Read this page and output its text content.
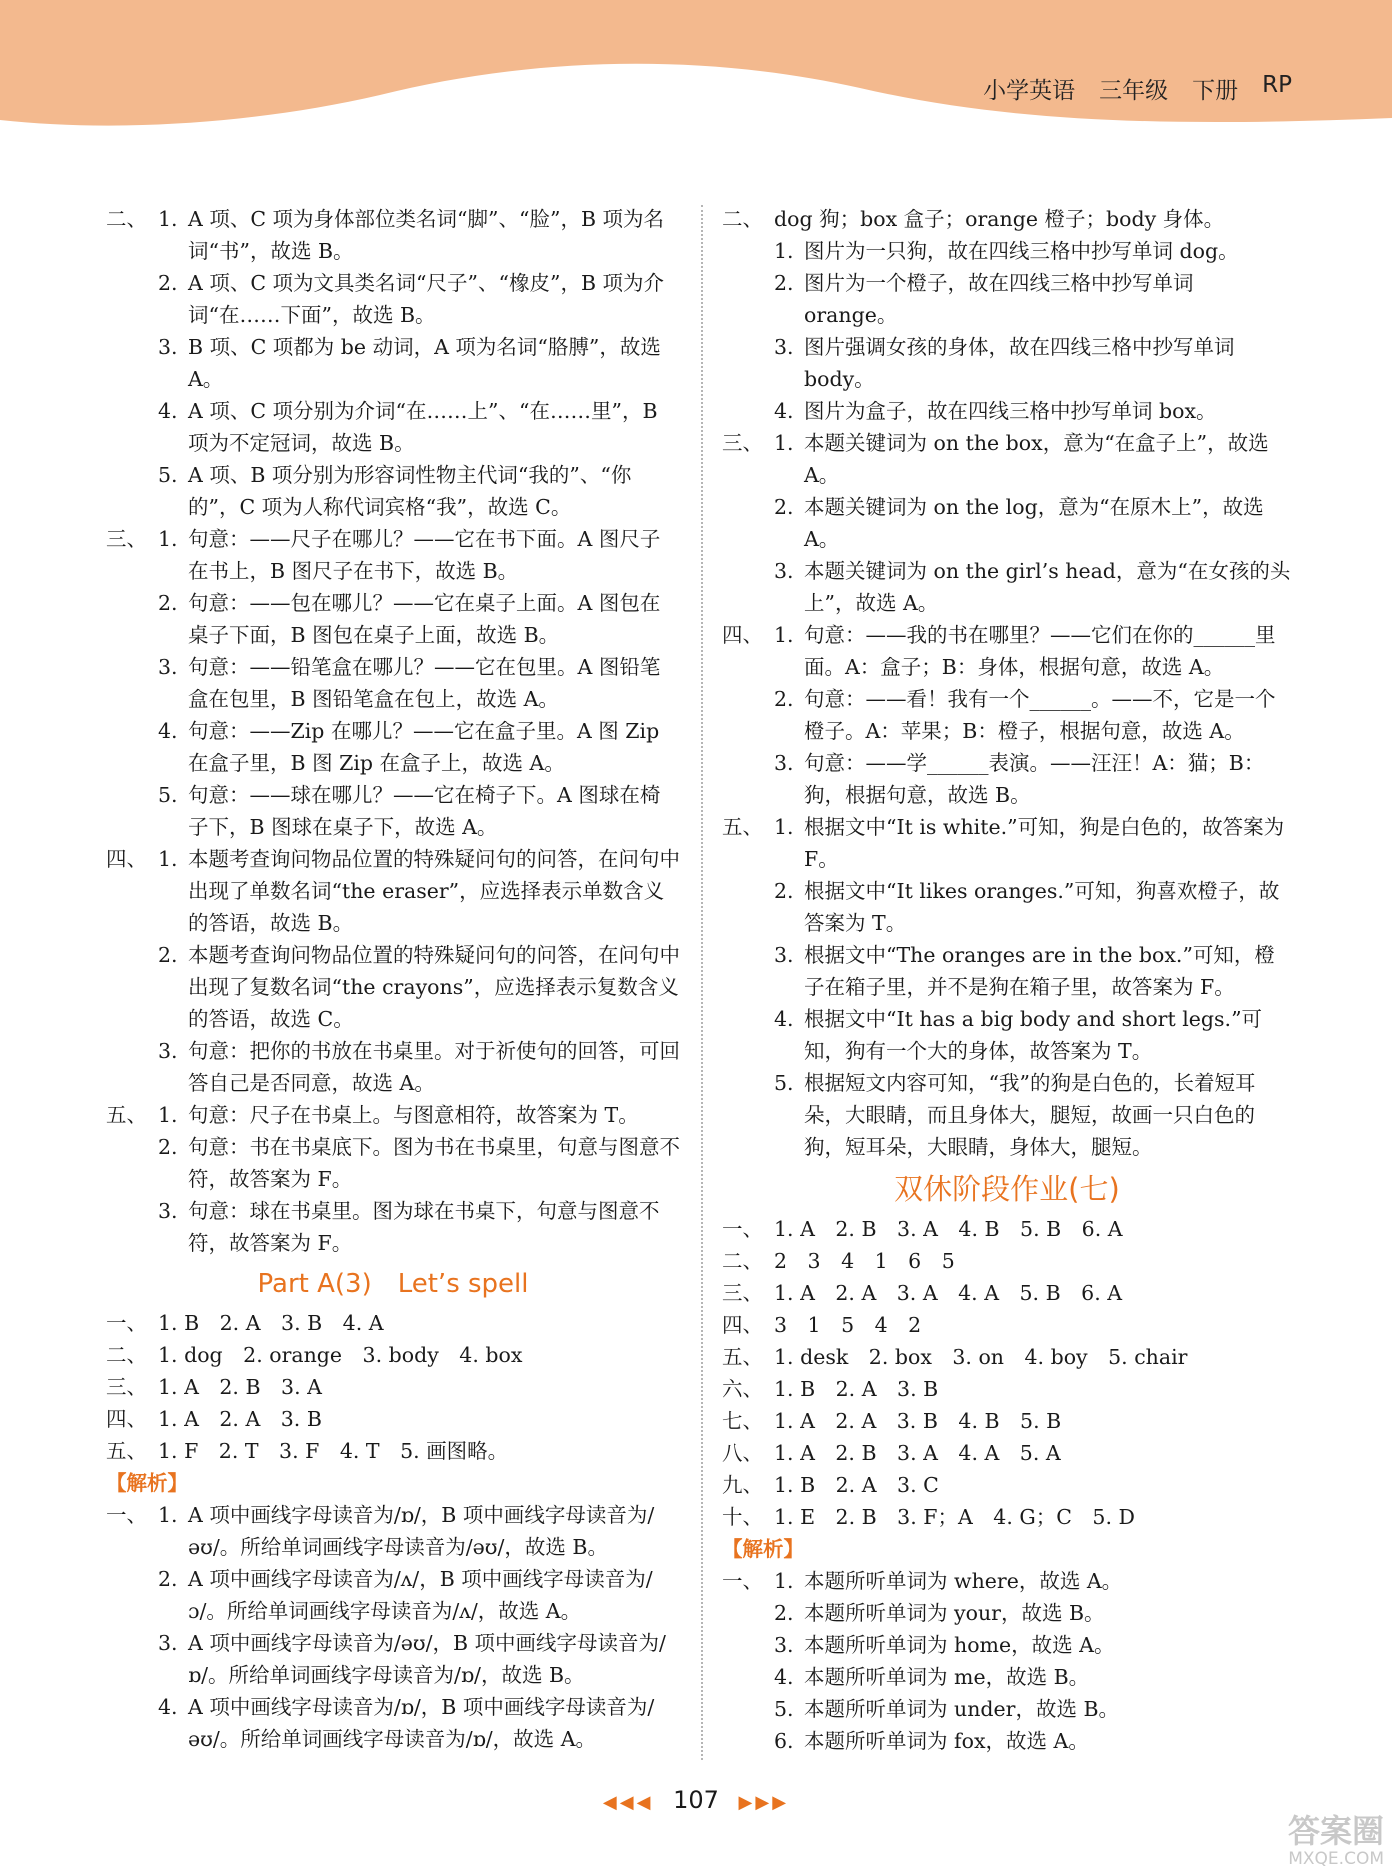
小学英语 三年级 下册 RP
二、 1. A 项、C 项为身体部位类名词“脚”、“脸”，B 项为名词“书”，故选 B。
2. A 项、C 项为文具类名词“尺子”、“橡皮”，B 项为介词“在……下面”，故选 B。
3. B 项、C 项都为 be 动词，A 项为名词“胳膊”，故选 A。
4. A 项、C 项分别为介词“在……上”、“在……里”，B 项为不定冠词，故选 B。
5. A 项、B 项分别为形容词性物主代词“我的”、“你的”，C 项为人称代词宾格“我”，故选 C。
三、 1. 句意：——尺子在哪儿？——它在书下面。A 图尺子在书上，B 图尺子在书下，故选 B。
2. 句意：——包在哪儿？——它在桌子上面。A 图包在桌子下面，B 图包在桌子上面，故选 B。
3. 句意：——铅笔盒在哪儿？——它在包里。A 图铅笔盒在包里，B 图铅笔盒在包上，故选 A。
4. 句意：——Zip 在哪儿？——它在盒子里。A 图 Zip 在盒子里，B 图 Zip 在盒子上，故选 A。
5. 句意：——球在哪儿？——它在椅子下。A 图球在椅子下，B 图球在桌子下，故选 A。
四、 1. 本题考查询问物品位置的特殊疑问句的问答，在问句中出现了单数名词“the eraser”，应选择表示单数含义的答语，故选 B。
2. 本题考查询问物品位置的特殊疑问句的问答，在问句中出现了复数名词“the crayons”，应选择表示复数含义的答语，故选 C。
3. 句意：把你的书放在书桌里。对于祈使句的回答，可回答自己是否同意，故选 A。
五、 1. 句意：尺子在书桌上。与图意相符，故答案为 T。
2. 句意：书在书桌底下。图为书在书桌里，句意与图意不符，故答案为 F。
3. 句意：球在书桌里。图为球在书桌下，句意与图意不符，故答案为 F。
Part A(3)　Let’s spell
一、 1. B　2. A　3. B　4. A
二、 1. dog　2. orange　3. body　4. box
三、 1. A　2. B　3. A
四、 1. A　2. A　3. B
五、 1. F　2. T　3. F　4. T　5. 画图略。
【解析】
一、 1. A 项中画线字母读音为/ɒ/，B 项中画线字母读音为/əʊ/。所给单词画线字母读音为/əʊ/，故选 B。
2. A 项中画线字母读音为/ʌ/，B 项中画线字母读音为/ɔ/。所给单词画线字母读音为/ʌ/，故选 A。
3. A 项中画线字母读音为/əʊ/，B 项中画线字母读音为/ɒ/。所给单词画线字母读音为/ɒ/，故选 B。
4. A 项中画线字母读音为/ɒ/，B 项中画线字母读音为/əʊ/。所给单词画线字母读音为/ɒ/，故选 A。
二、 dog 狗；box 盒子；orange 橙子；body 身体。
1. 图片为一只狗，故在四线三格中抄写单词 dog。
2. 图片为一个橙子，故在四线三格中抄写单词 orange。
3. 图片强调女孩的身体，故在四线三格中抄写单词 body。
4. 图片为盒子，故在四线三格中抄写单词 box。
三、 1. 本题关键词为 on the box，意为“在盒子上”，故选 A。
2. 本题关键词为 on the log，意为“在原木上”，故选 A。
3. 本题关键词为 on the girl’s head，意为“在女孩的头上”，故选 A。
四、 1. 句意：——我的书在哪里？——它们在你的______里面。A：盒子；B：身体，根据句意，故选 A。
2. 句意：——看！我有一个______。——不，它是一个橙子。A：苹果；B：橙子，根据句意，故选 A。
3. 句意：——学______表演。——汪汪！A：猫；B：狗，根据句意，故选 B。
五、 1. 根据文中“It is white.”可知，狗是白色的，故答案为 F。
2. 根据文中“It likes oranges.”可知，狗喜欢橙子，故答案为 T。
3. 根据文中“The oranges are in the box.”可知，橙子在箱子里，并不是狗在箱子里，故答案为 F。
4. 根据文中“It has a big body and short legs.”可知，狗有一个大的身体，故答案为 T。
5. 根据短文内容可知，“我”的狗是白色的，长着短耳朵，大眼睛，而且身体大，腿短，故画一只白色的狗，短耳朵，大眼睛，身体大，腿短。
双休阶段作业(七)
一、 1. A　2. B　3. A　4. B　5. B　6. A
二、 2　3　4　1　6　5
三、 1. A　2. A　3. A　4. A　5. B　6. A
四、 3　1　5　4　2
五、 1. desk　2. box　3. on　4. boy　5. chair
六、 1. B　2. A　3. B
七、 1. A　2. A　3. B　4. B　5. B
八、 1. A　2. B　3. A　4. A　5. A
九、 1. B　2. A　3. C
十、 1. E　2. B　3. F；A　4. G；C　5. D
【解析】
一、 1. 本题所听单词为 where，故选 A。
2. 本题所听单词为 your，故选 B。
3. 本题所听单词为 home，故选 A。
4. 本题所听单词为 me，故选 B。
5. 本题所听单词为 under，故选 B。
6. 本题所听单词为 fox，故选 A。
◀◀◀ 107 ▶▶▶
答案圈
MXQE.COM
